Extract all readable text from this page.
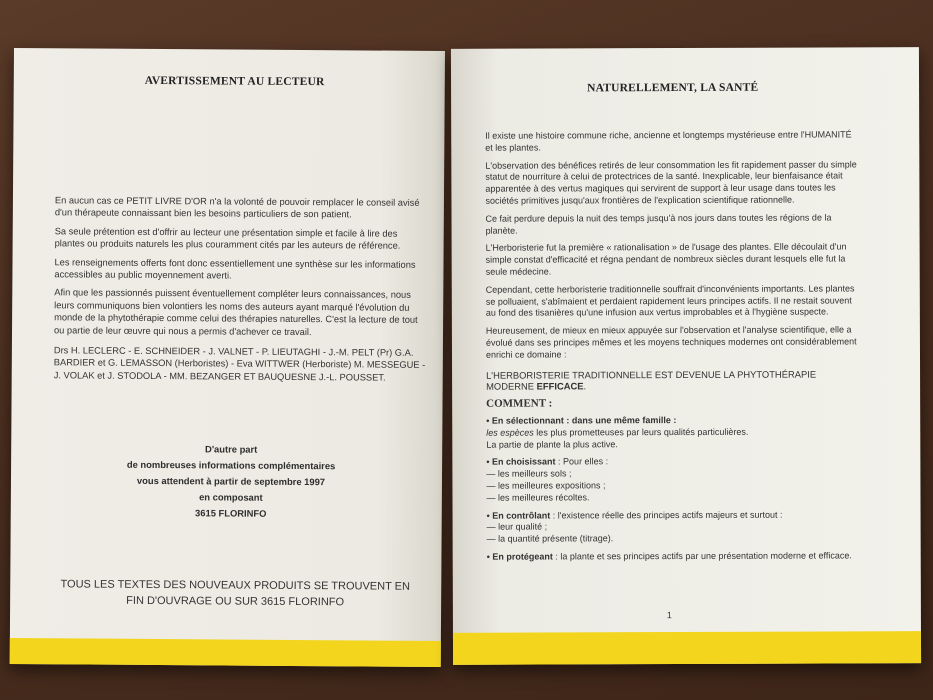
AVERTISSEMENT AU LECTEUR

En aucun cas ce PETIT LIVRE D'OR n'a la volonté de pouvoir remplacer le conseil avisé d'un thérapeute connaissant bien les besoins particuliers de son patient.

Sa seule prétention est d'offrir au lecteur une présentation simple et facile à lire des plantes ou produits naturels les plus couramment cités par les auteurs de référence.

Les renseignements offerts font donc essentiellement une synthèse sur les informations accessibles au public moyennement averti.

Afin que les passionnés puissent éventuellement compléter leurs connaissances, nous leurs communiquons bien volontiers les noms des auteurs ayant marqué l'évolution du monde de la phytothérapie comme celui des thérapies naturelles. C'est la lecture de tout ou partie de leur œuvre qui nous a permis d'achever ce travail.

Drs H. LECLERC - E. SCHNEIDER - J. VALNET - P. LIEUTAGHI - J.-M. PELT (Pr) G.A. BARDIER et G. LEMASSON (Herboristes) - Eva WITTWER (Herboriste) M. MESSEGUE - J. VOLAK et J. STODOLA - MM. BEZANGER ET BAUQUESNE J.-L. POUSSET.

D'autre part
de nombreuses informations complémentaires
vous attendent à partir de septembre 1997
en composant
3615 FLORINFO
TOUS LES TEXTES DES NOUVEAUX PRODUITS SE TROUVENT EN FIN D'OUVRAGE OU SUR 3615 FLORINFO
NATURELLEMENT, LA SANTÉ

Il existe une histoire commune riche, ancienne et longtemps mystérieuse entre l'HUMANITÉ et les plantes.

L'observation des bénéfices retirés de leur consommation les fit rapidement passer du simple statut de nourriture à celui de protectrices de la santé. Inexplicable, leur bienfaisance était apparentée à des vertus magiques qui servirent de support à leur usage dans toutes les sociétés primitives jusqu'aux frontières de l'explication scientifique rationnelle.

Ce fait perdure depuis la nuit des temps jusqu'à nos jours dans toutes les régions de la planète.

L'Herboristerie fut la première « rationalisation » de l'usage des plantes. Elle découlait d'un simple constat d'efficacité et régna pendant de nombreux siècles durant lesquels elle fut la seule médecine.

Cependant, cette herboristerie traditionnelle souffrait d'inconvénients importants. Les plantes se polluaient, s'abîmaient et perdaient rapidement leurs principes actifs. Il ne restait souvent au fond des tisanières qu'une infusion aux vertus improbables et à l'hygiène suspecte.

Heureusement, de mieux en mieux appuyée sur l'observation et l'analyse scientifique, elle a évolué dans ses principes mêmes et les moyens techniques modernes ont considérablement enrichi ce domaine :

L'HERBORISTERIE TRADITIONNELLE EST DEVENUE LA PHYTOTHÉRAPIE MODERNE EFFICACE.

COMMENT :

• En sélectionnant : dans une même famille :
les espèces les plus prometteuses par leurs qualités particulières.
La partie de plante la plus active.

• En choisissant : Pour elles :
— les meilleurs sols ;
— les meilleures expositions ;
— les meilleures récoltes.

• En contrôlant : l'existence réelle des principes actifs majeurs et surtout :
— leur qualité ;
— la quantité présente (titrage).

• En protégeant : la plante et ses principes actifs par une présentation moderne et efficace.

1
